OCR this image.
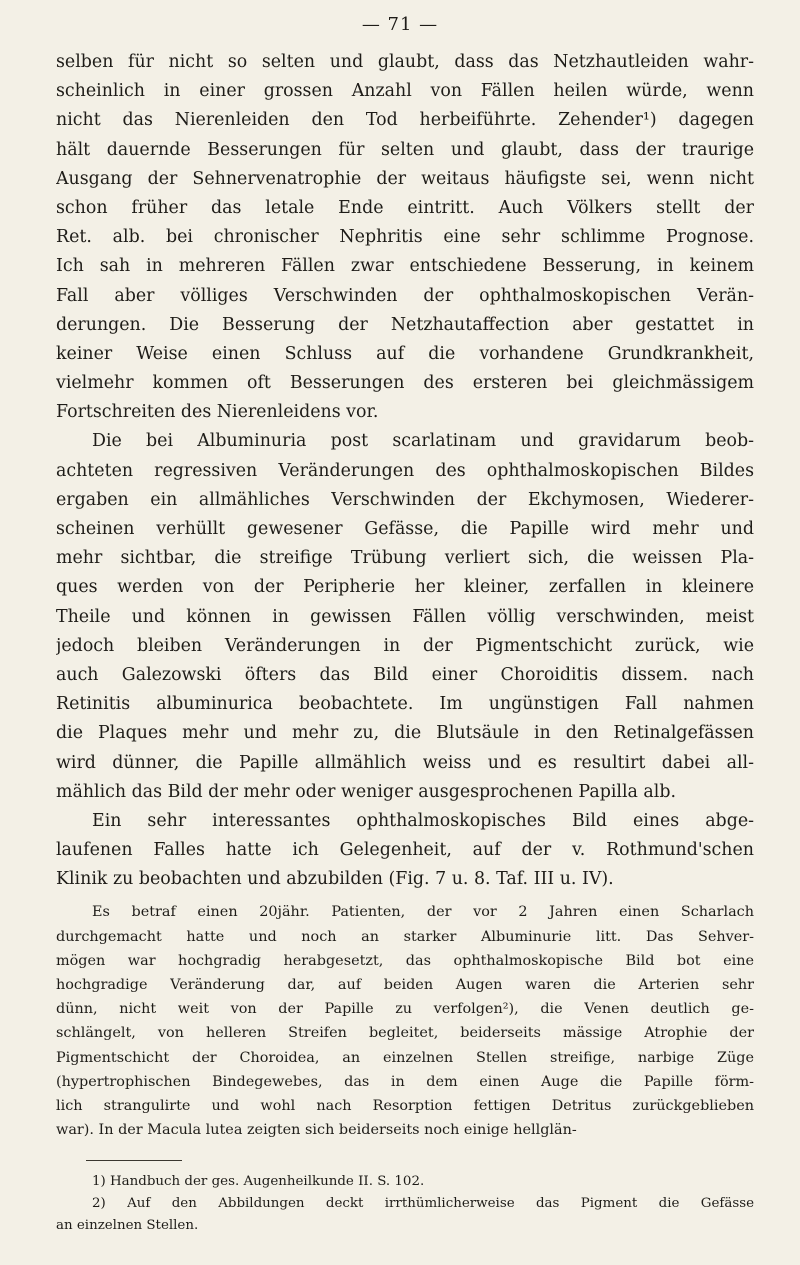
— 71 —

selben für nicht so selten und glaubt, dass das Netzhautleiden wahr-
scheinlich in einer grossen Anzahl von Fällen heilen würde, wenn
nicht das Nierenleiden den Tod herbeiführte. Zehender¹) dagegen
hält dauernde Besserungen für selten und glaubt, dass der traurige
Ausgang der Sehnervenatrophie der weitaus häufigste sei, wenn nicht
schon früher das letale Ende eintritt. Auch Völkers stellt der
Ret. alb. bei chronischer Nephritis eine sehr schlimme Prognose.
Ich sah in mehreren Fällen zwar entschiedene Besserung, in keinem
Fall aber völliges Verschwinden der ophthalmoskopischen Verän-
derungen. Die Besserung der Netzhautaffection aber gestattet in
keiner Weise einen Schluss auf die vorhandene Grundkrankheit,
vielmehr kommen oft Besserungen des ersteren bei gleichmässigem
Fortschreiten des Nierenleidens vor.

Die bei Albuminuria post scarlatinam und gravidarum beob-
achteten regressiven Veränderungen des ophthalmoskopischen Bildes
ergaben ein allmähliches Verschwinden der Ekchymosen, Wiederer-
scheinen verhüllt gewesener Gefässe, die Papille wird mehr und
mehr sichtbar, die streifige Trübung verliert sich, die weissen Pla-
ques werden von der Peripherie her kleiner, zerfallen in kleinere
Theile und können in gewissen Fällen völlig verschwinden, meist
jedoch bleiben Veränderungen in der Pigmentschicht zurück, wie
auch Galezowski öfters das Bild einer Choroiditis dissem. nach
Retinitis albuminurica beobachtete. Im ungünstigen Fall nahmen
die Plaques mehr und mehr zu, die Blutsäule in den Retinalgefässen
wird dünner, die Papille allmählich weiss und es resultirt dabei all-
mählich das Bild der mehr oder weniger ausgesprochenen Papilla alb.

Ein sehr interessantes ophthalmoskopisches Bild eines abge-
laufenen Falles hatte ich Gelegenheit, auf der v. Rothmund'schen
Klinik zu beobachten und abzubilden (Fig. 7 u. 8. Taf. III u. IV).

Es betraf einen 20jähr. Patienten, der vor 2 Jahren einen Scharlach
durchgemacht hatte und noch an starker Albuminurie litt. Das Sehver-
mögen war hochgradig herabgesetzt, das ophthalmoskopische Bild bot eine
hochgradige Veränderung dar, auf beiden Augen waren die Arterien sehr
dünn, nicht weit von der Papille zu verfolgen²), die Venen deutlich ge-
schlängelt, von helleren Streifen begleitet, beiderseits mässige Atrophie der
Pigmentschicht der Choroidea, an einzelnen Stellen streifige, narbige Züge
(hypertrophischen Bindegewebes, das in dem einen Auge die Papille förm-
lich strangulirte und wohl nach Resorption fettigen Detritus zurückgeblieben
war). In der Macula lutea zeigten sich beiderseits noch einige hellglän-

1) Handbuch der ges. Augenheilkunde II. S. 102.
2) Auf den Abbildungen deckt irrthümlicherweise das Pigment die Gefässe
an einzelnen Stellen.
